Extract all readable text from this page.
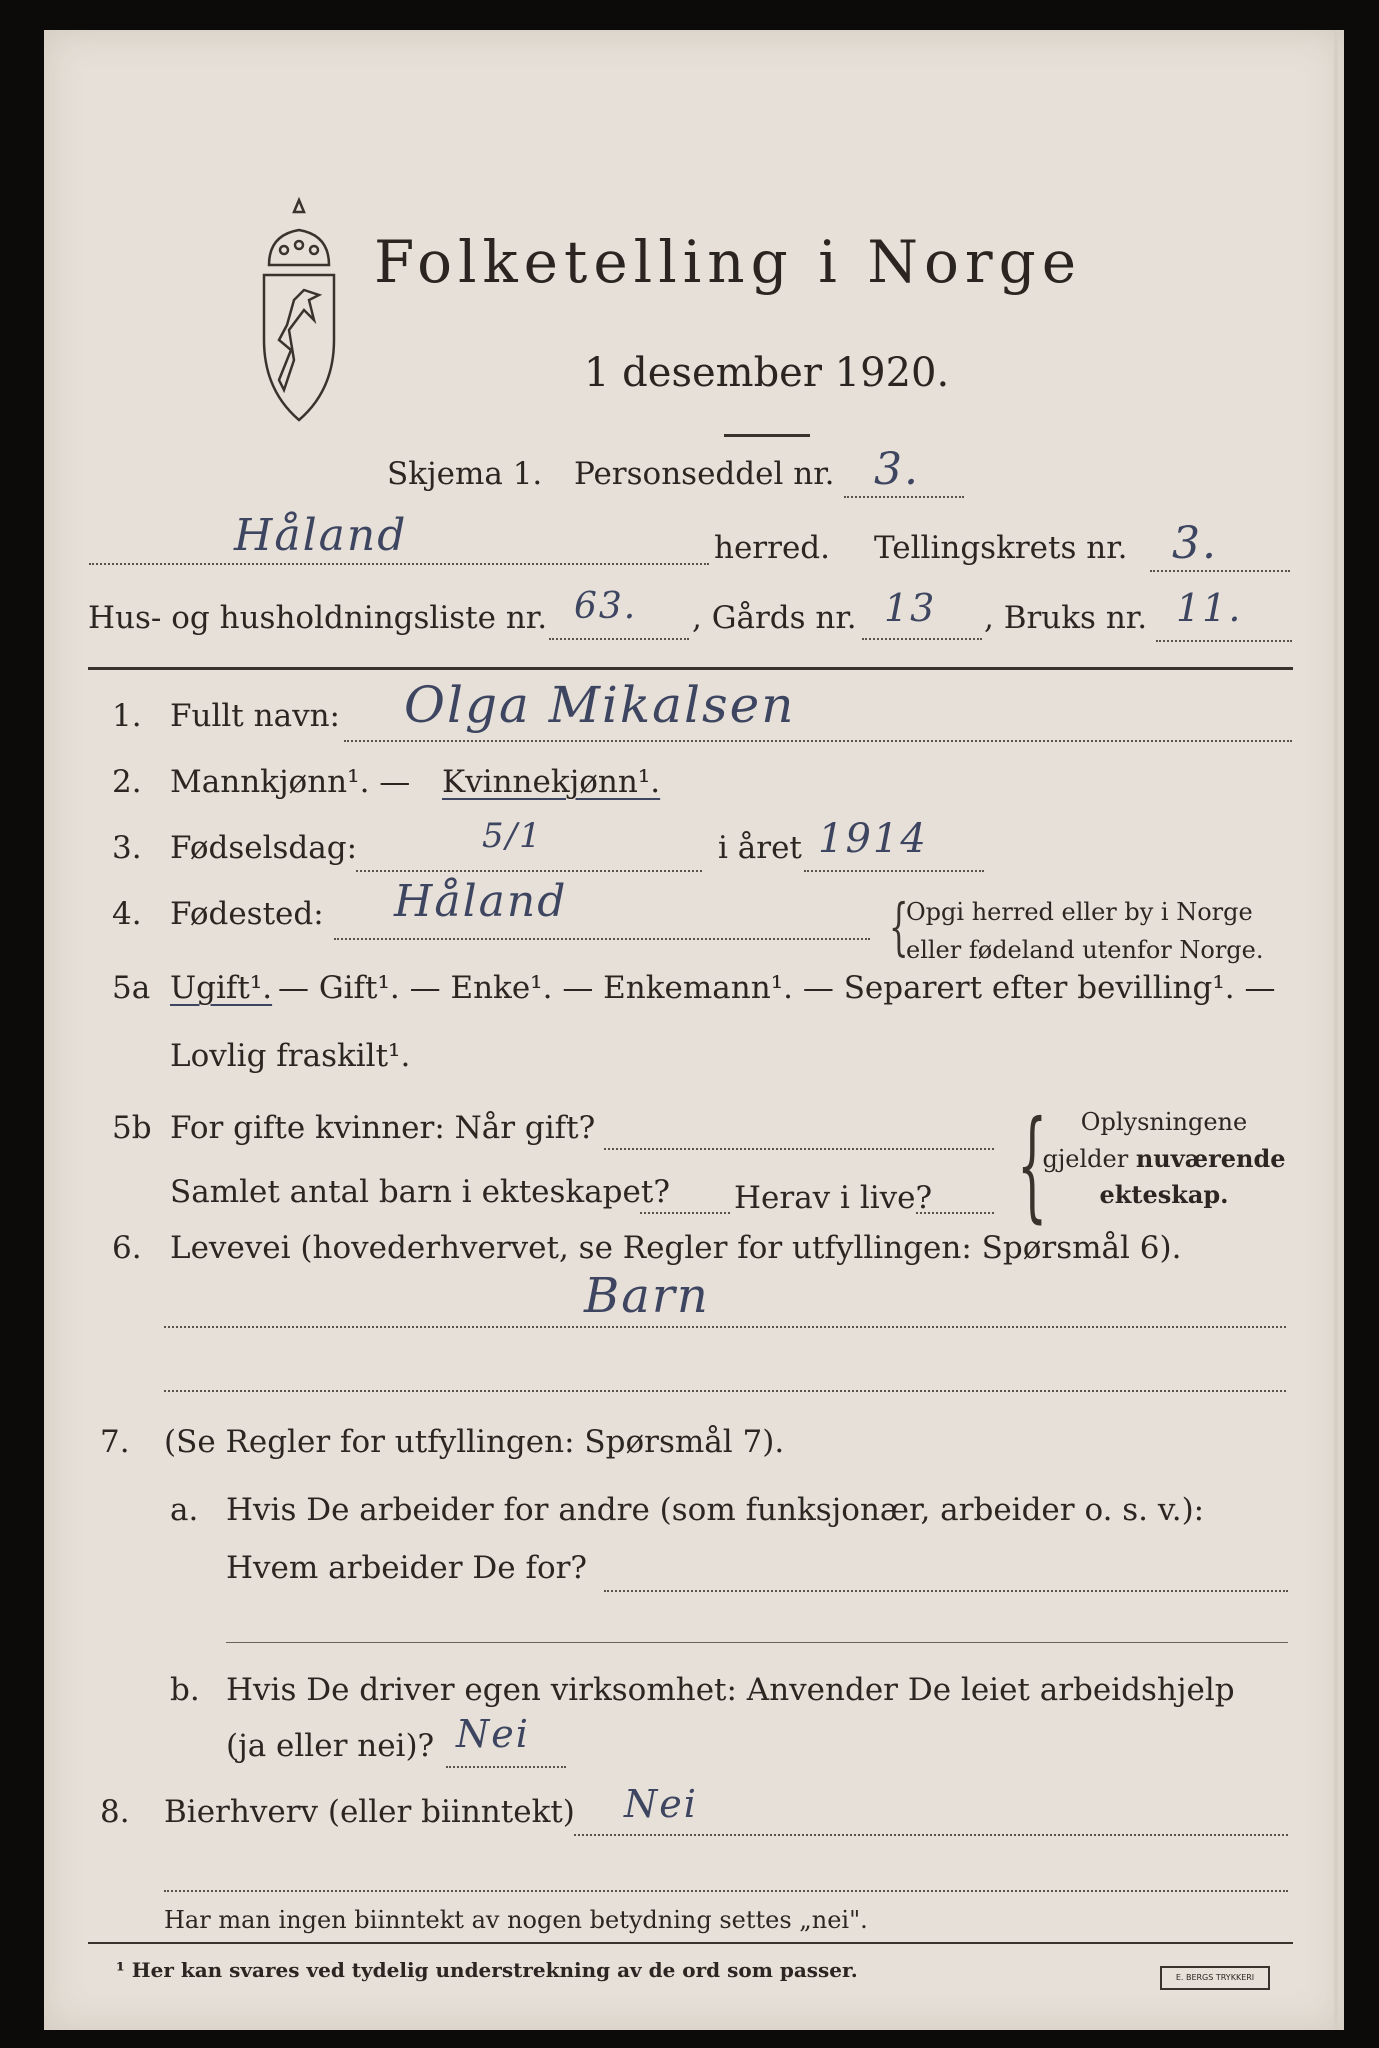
Folketelling i Norge
1 desember 1920.
Skjema 1. Personseddel nr. 3.
Håland	herred. Tellingskrets nr. 3.
Hus- og husholdningsliste nr. 63. , Gårds nr. 13 , Bruks nr. 11.
1. Fullt navn: Olga Mikalsen
2. Mannkjønn¹. — Kvinnekjønn¹.
3. Fødselsdag:	5/1	i året 1914
4. Fødested: Håland	{
Opgi herred eller by i Norge
eller fødeland utenfor Norge.
5a Ugift¹. — Gift¹. — Enke¹. — Enkemann¹. — Separert efter bevilling¹. —
Lovlig fraskilt¹.
5b For gifte kvinner: Når gift?
Samlet antal barn i ekteskapet? Herav i live? {	Oplysningene
gjelder nuværende
ekteskap.
6. Levevei (hovederhvervet, se Regler for utfyllingen: Spørsmål 6).
Barn
7. (Se Regler for utfyllingen: Spørsmål 7).
a. Hvis De arbeider for andre (som funksjonær, arbeider o. s. v.):
Hvem arbeider De for?
b. Hvis De driver egen virksomhet: Anvender De leiet arbeidshjelp
(ja eller nei)? Nei
8. Bierhverv (eller biinntekt) Nei
Har man ingen biinntekt av nogen betydning settes „nei".
¹ Her kan svares ved tydelig understrekning av de ord som passer.	E. BERGS TRYKKERI
